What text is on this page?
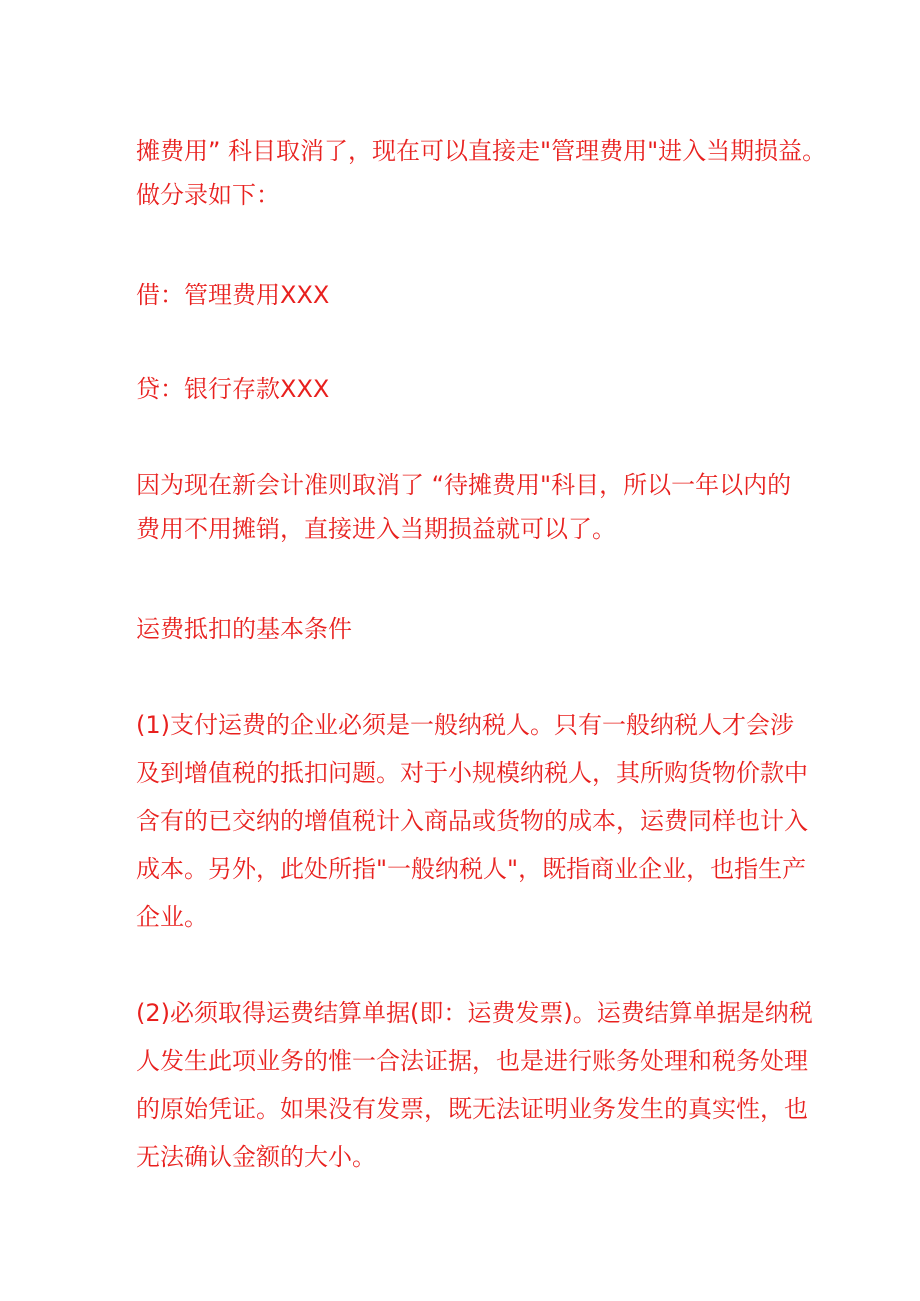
摊费用” 科目取消了，现在可以直接走"管理费用"进入当期损益。
做分录如下：
借：管理费用XXX
贷：银行存款XXX
因为现在新会计准则取消了 “待摊费用"科目，所以一年以内的
费用不用摊销，直接进入当期损益就可以了。
运费抵扣的基本条件
(1)支付运费的企业必须是一般纳税人。只有一般纳税人才会涉
及到增值税的抵扣问题。对于小规模纳税人，其所购货物价款中
含有的已交纳的增值税计入商品或货物的成本，运费同样也计入
成本。另外，此处所指"一般纳税人"，既指商业企业，也指生产
企业。
(2)必须取得运费结算单据(即：运费发票)。运费结算单据是纳税
人发生此项业务的惟一合法证据，也是进行账务处理和税务处理
的原始凭证。如果没有发票，既无法证明业务发生的真实性，也
无法确认金额的大小。
